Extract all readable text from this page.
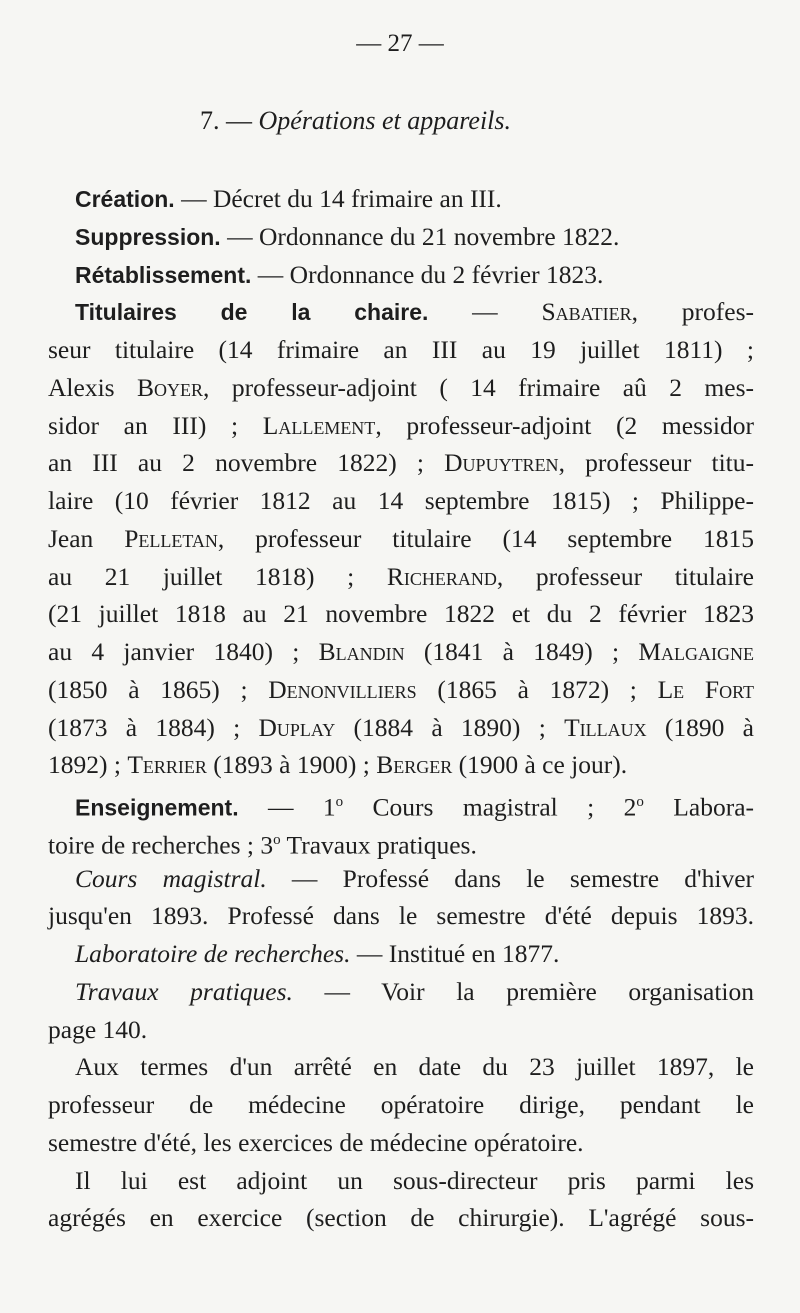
— 27 —
7. — Opérations et appareils.
Création. — Décret du 14 frimaire an III.
Suppression. — Ordonnance du 21 novembre 1822.
Rétablissement. — Ordonnance du 2 février 1823.
Titulaires de la chaire. — Sabatier, profes-
seur titulaire (14 frimaire an III au 19 juillet 1811) ;
Alexis Boyer, professeur-adjoint ( 14 frimaire aû 2 mes-
sidor an III) ; Lallement, professeur-adjoint (2 messidor
an III au 2 novembre 1822) ; Dupuytren, professeur titu-
laire (10 février 1812 au 14 septembre 1815) ; Philippe-
Jean Pelletan, professeur titulaire (14 septembre 1815
au 21 juillet 1818) ; Richerand, professeur titulaire
(21 juillet 1818 au 21 novembre 1822 et du 2 février 1823
au 4 janvier 1840) ; Blandin (1841 à 1849) ; Malgaigne
(1850 à 1865) ; Denonvilliers (1865 à 1872) ; Le Fort
(1873 à 1884) ; Duplay (1884 à 1890) ; Tillaux (1890 à
1892) ; Terrier (1893 à 1900) ; Berger (1900 à ce jour).
Enseignement. — 1$^o$ Cours magistral ; 2$^o$ Labora-
toire de recherches ; 3$^o$ Travaux pratiques.
Cours magistral. — Professé dans le semestre d'hiver
jusqu'en 1893. Professé dans le semestre d'été depuis 1893.
Laboratoire de recherches. — Institué en 1877.
Travaux pratiques. — Voir la première organisation
page 140.
Aux termes d'un arrêté en date du 23 juillet 1897, le
professeur de médecine opératoire dirige, pendant le
semestre d'été, les exercices de médecine opératoire.
Il lui est adjoint un sous-directeur pris parmi les
agrégés en exercice (section de chirurgie). L'agrégé sous-
